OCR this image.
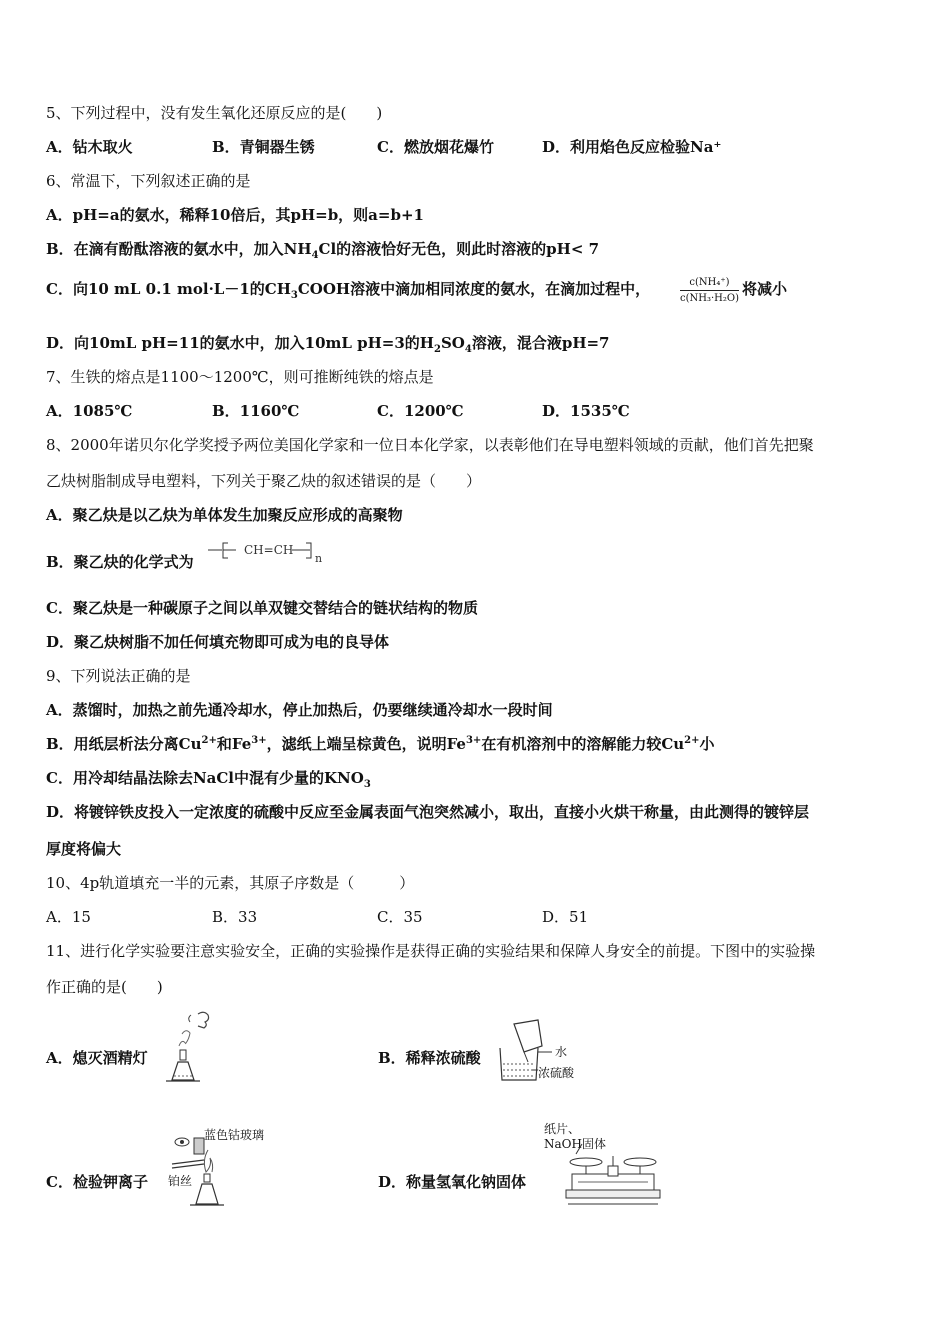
5、下列过程中，没有发生氧化还原反应的是(　　)
A．钻木取火	B．青铜器生锈	C．燃放烟花爆竹	D．利用焰色反应检验Na⁺
6、常温下，下列叙述正确的是
A．pH=a的氨水，稀释10倍后，其pH=b，则a=b+1
B．在滴有酚酞溶液的氨水中，加入$NH_4Cl$的溶液恰好无色，则此时溶液的pH< 7
C．向10 mL 0.1 mol·L－1的$CH_3COOH$溶液中滴加相同浓度的氨水，在滴加过程中，	$\frac{\text{c(NH₄⁺)}}{\text{c(NH₃·H₂O)}}$ 将减小
D．向10mL pH=11的氨水中，加入10mL pH=3的$H_2SO_4$溶液，混合液pH=7
7、生铁的熔点是1100～1200℃，则可推断纯铁的熔点是
A．1085℃	B．1160℃	C．1200℃	D．1535℃
8、2000年诺贝尔化学奖授予两位美国化学家和一位日本化学家，以表彰他们在导电塑料领域的贡献，他们首先把聚
乙炔树脂制成导电塑料，下列关于聚乙炔的叙述错误的是（　　）
A．聚乙炔是以乙炔为单体发生加聚反应形成的高聚物
B．聚乙炔的化学式为
CH=CH
n
C．聚乙炔是一种碳原子之间以单双键交替结合的链状结构的物质
D．聚乙炔树脂不加任何填充物即可成为电的良导体
9、下列说法正确的是
A．蒸馏时，加热之前先通冷却水，停止加热后，仍要继续通冷却水一段时间
B．用纸层析法分离$Cu^{2+}$和$Fe^{3+}$，滤纸上端呈棕黄色，说明$Fe^{3+}$在有机溶剂中的溶解能力较$Cu^{2+}$小
C．用冷却结晶法除去NaCl中混有少量的$KNO_3$
D．将镀锌铁皮投入一定浓度的硫酸中反应至金属表面气泡突然减小，取出，直接小火烘干称量，由此测得的镀锌层
厚度将偏大
10、4p轨道填充一半的元素，其原子序数是（　　　）
A．15	B．33	C．35	D．51
11、进行化学实验要注意实验安全，正确的实验操作是获得正确的实验结果和保障人身安全的前提。下图中的实验操
作正确的是(　　)
A．熄灭酒精灯	B．稀释浓硫酸	水
浓硫酸
C．检验钾离子
蓝色钴玻璃
铂丝	D．称量氢氧化钠固体
纸片、
NaOH固体
